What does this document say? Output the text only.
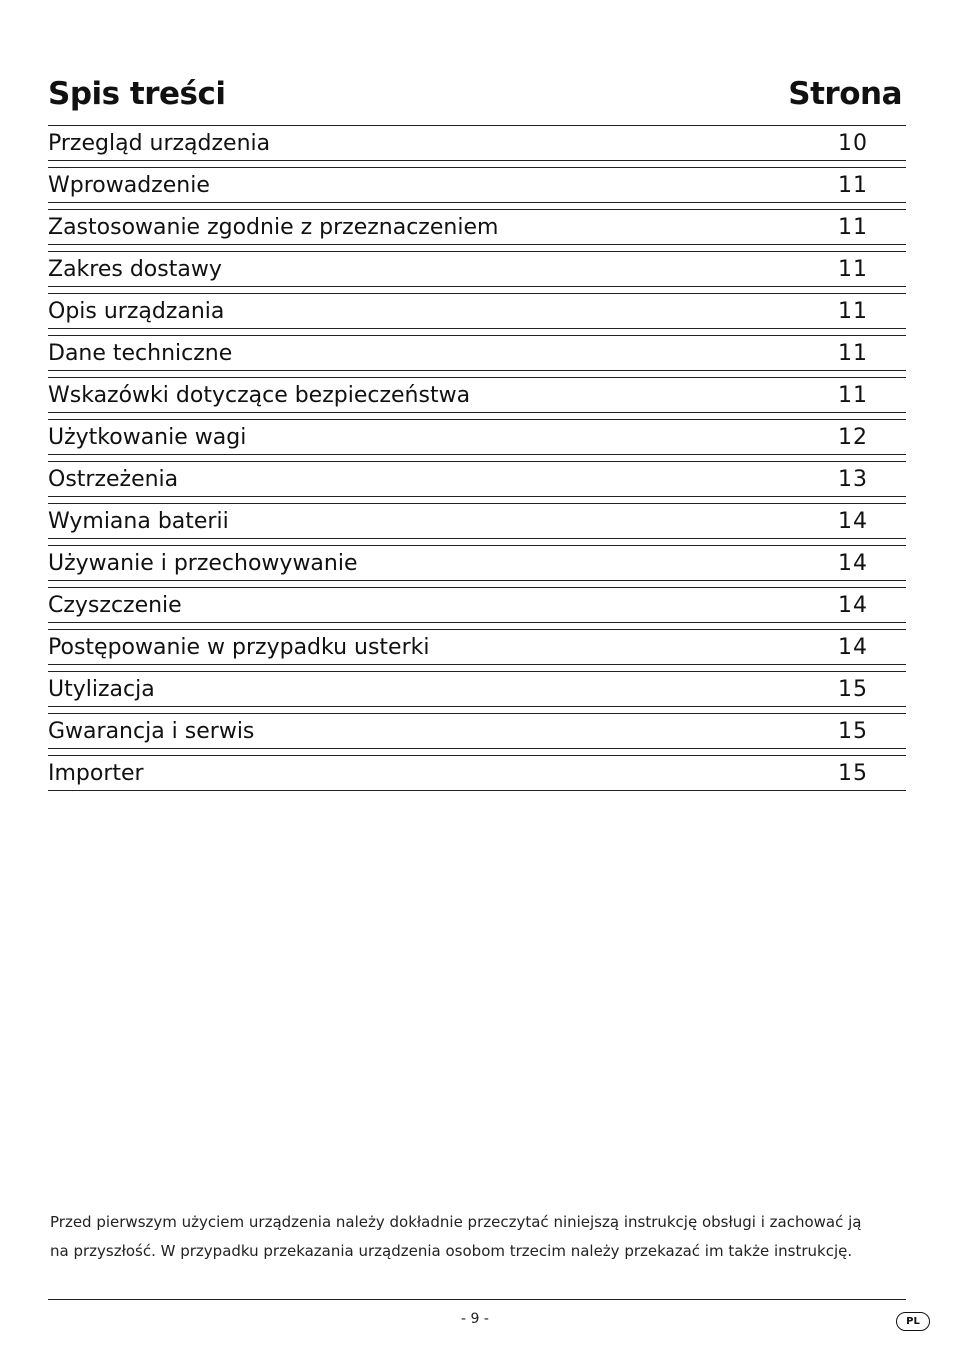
Spis treści	Strona
Przegląd urządzenia	10
Wprowadzenie	11
Zastosowanie zgodnie z przeznaczeniem	11
Zakres dostawy	11
Opis urządzania	11
Dane techniczne	11
Wskazówki dotyczące bezpieczeństwa	11
Użytkowanie wagi	12
Ostrzeżenia	13
Wymiana baterii	14
Używanie i przechowywanie	14
Czyszczenie	14
Postępowanie w przypadku usterki	14
Utylizacja	15
Gwarancja i serwis	15
Importer	15
Przed pierwszym użyciem urządzenia należy dokładnie przeczytać niniejszą instrukcję obsługi i zachować ją
na przyszłość. W przypadku przekazania urządzenia osobom trzecim należy przekazać im także instrukcję.
- 9 -	PL
